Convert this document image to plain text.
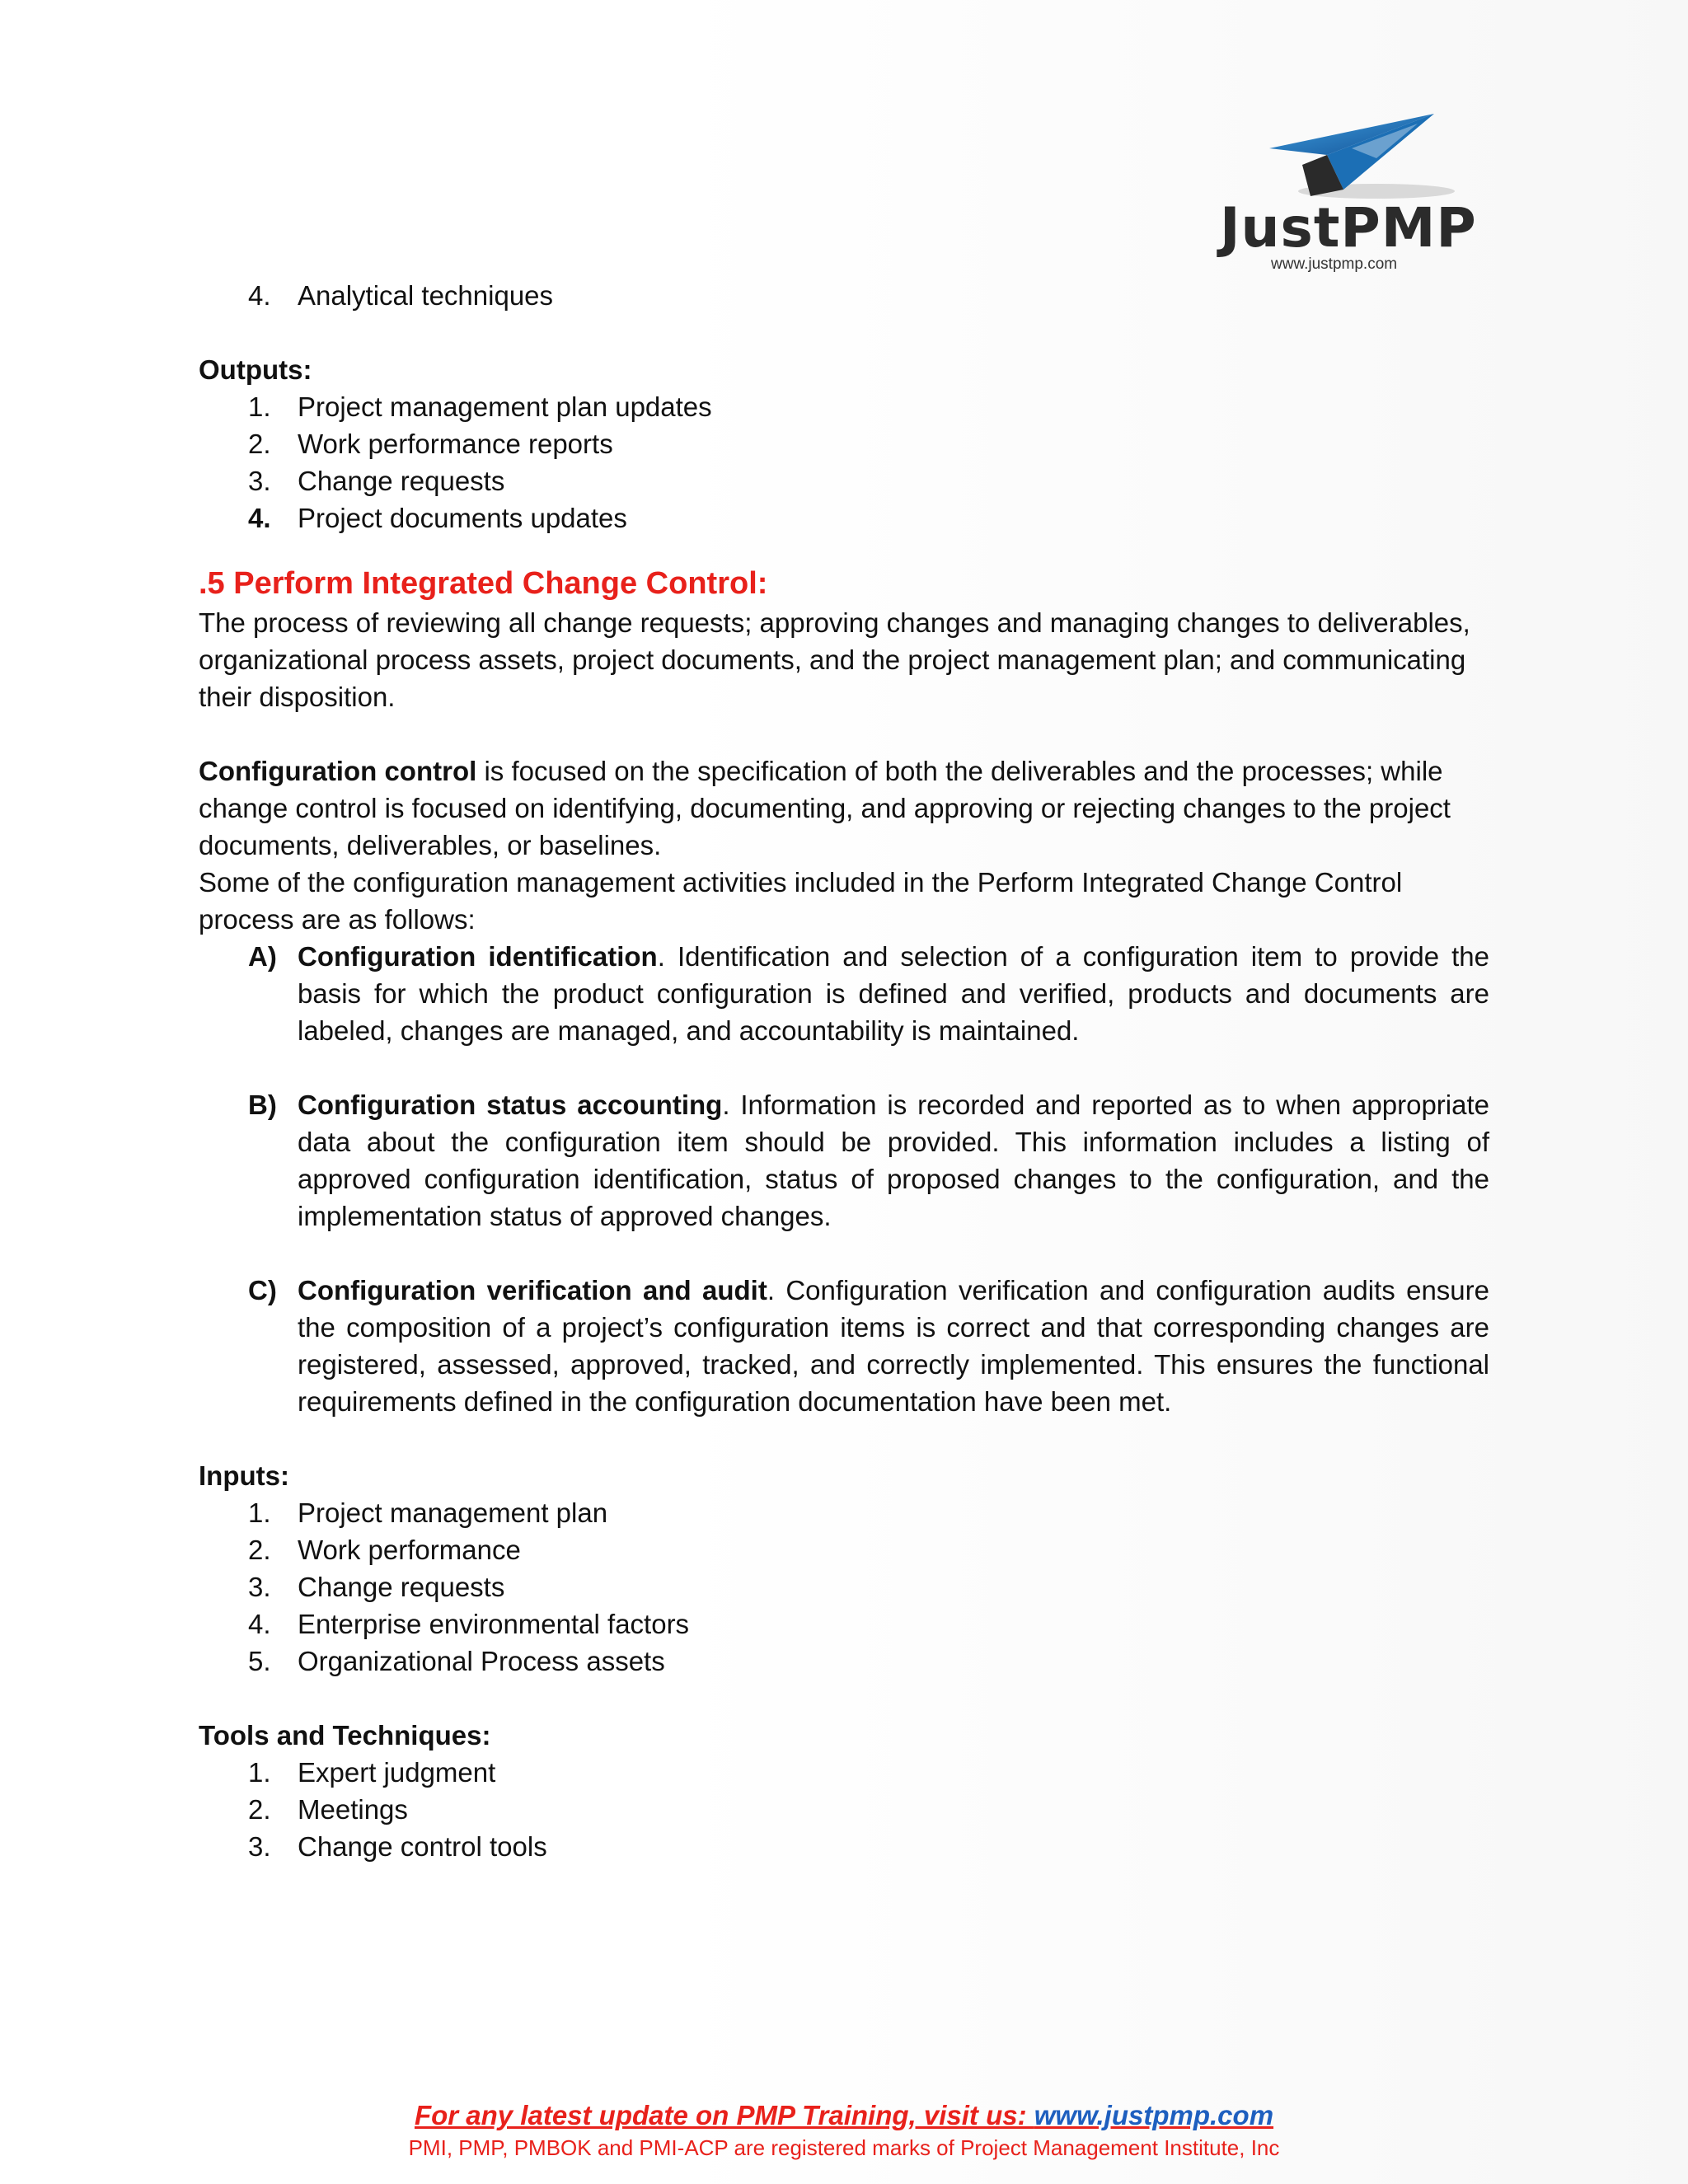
JustPMP
www.justpmp.com
4. Analytical techniques
Outputs:
1. Project management plan updates
2. Work performance reports
3. Change requests
4. Project documents updates
.5 Perform Integrated Change Control:

The process of reviewing all change requests; approving changes and managing changes to deliverables, organizational process assets, project documents, and the project management plan; and communicating their disposition.

Configuration control is focused on the specification of both the deliverables and the processes; while change control is focused on identifying, documenting, and approving or rejecting changes to the project documents, deliverables, or baselines.

Some of the configuration management activities included in the Perform Integrated Change Control process are as follows:

A) Configuration identification. Identification and selection of a configuration item to provide the basis for which the product configuration is defined and verified, products and documents are labeled, changes are managed, and accountability is maintained.
B) Configuration status accounting. Information is recorded and reported as to when appropriate data about the configuration item should be provided. This information includes a listing of approved configuration identification, status of proposed changes to the configuration, and the implementation status of approved changes.
C) Configuration verification and audit. Configuration verification and configuration audits ensure the composition of a project’s configuration items is correct and that corresponding changes are registered, assessed, approved, tracked, and correctly implemented. This ensures the functional requirements defined in the configuration documentation have been met.
Inputs:
1. Project management plan
2. Work performance
3. Change requests
4. Enterprise environmental factors
5. Organizational Process assets
Tools and Techniques:
1. Expert judgment
2. Meetings
3. Change control tools
For any latest update on PMP Training, visit us: www.justpmp.com
PMI, PMP, PMBOK and PMI-ACP are registered marks of Project Management Institute, Inc
